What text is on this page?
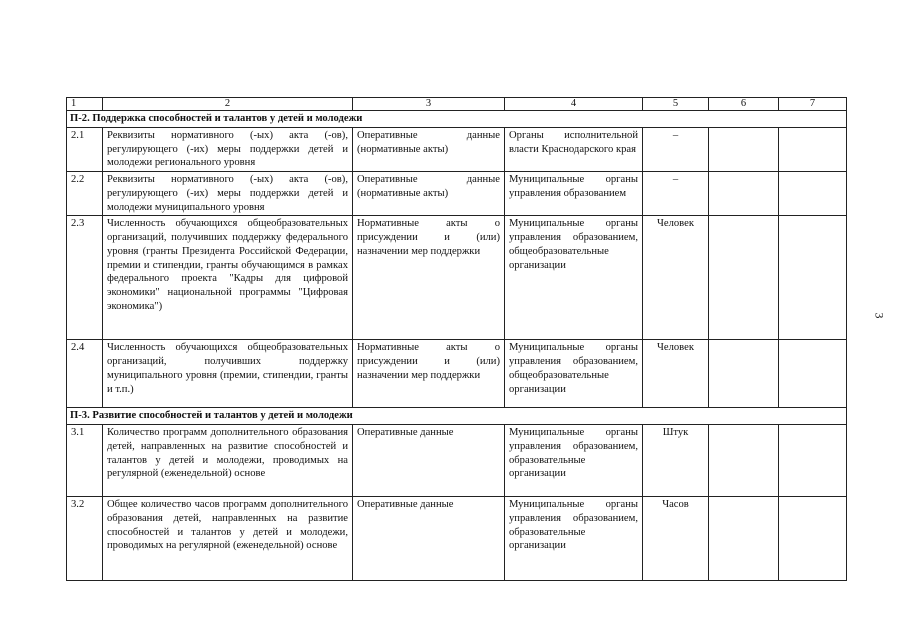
3
1	2	3	4	5	6	7
П-2. Поддержка способностей и талантов у детей и молодежи						
2.1	Реквизиты нормативного (-ых) акта (-ов), регулирующего (-их) меры поддержки детей и молодежи регионального уровня	Оперативные данные (нормативные акты)	Органы исполнительной власти Краснодарского края	–		
2.2	Реквизиты нормативного (-ых) акта (-ов), регулирующего (-их) меры поддержки детей и молодежи муниципального уровня	Оперативные данные (нормативные акты)	Муниципальные органы управления образованием	–		
2.3	Численность обучающихся общеобразовательных организаций, получивших поддержку федерального уровня (гранты Президента Российской Федерации, премии и стипендии, гранты обучающимся в рамках федерального проекта "Кадры для цифровой экономики" национальной программы "Цифровая экономика")	Нормативные акты о присуждении и (или) назначении мер поддержки	Муниципальные органы управления образованием, общеобразовательные организации	Человек		
2.4	Численность обучающихся общеобразовательных организаций, получивших поддержку муниципального уровня (премии, стипендии, гранты и т.п.)	Нормативные акты о присуждении и (или) назначении мер поддержки	Муниципальные органы управления образованием, общеобразовательные организации	Человек		
П-3. Развитие способностей и талантов у детей и молодежи						
3.1	Количество программ дополнительного образования детей, направленных на развитие способностей и талантов у детей и молодежи, проводимых на регулярной (еженедельной) основе	Оперативные данные	Муниципальные органы управления образованием, образовательные организации	Штук		
3.2	Общее количество часов программ дополнительного образования детей, направленных на развитие способностей и талантов у детей и молодежи, проводимых на регулярной (еженедельной) основе	Оперативные данные	Муниципальные органы управления образованием, образовательные организации	Часов		
